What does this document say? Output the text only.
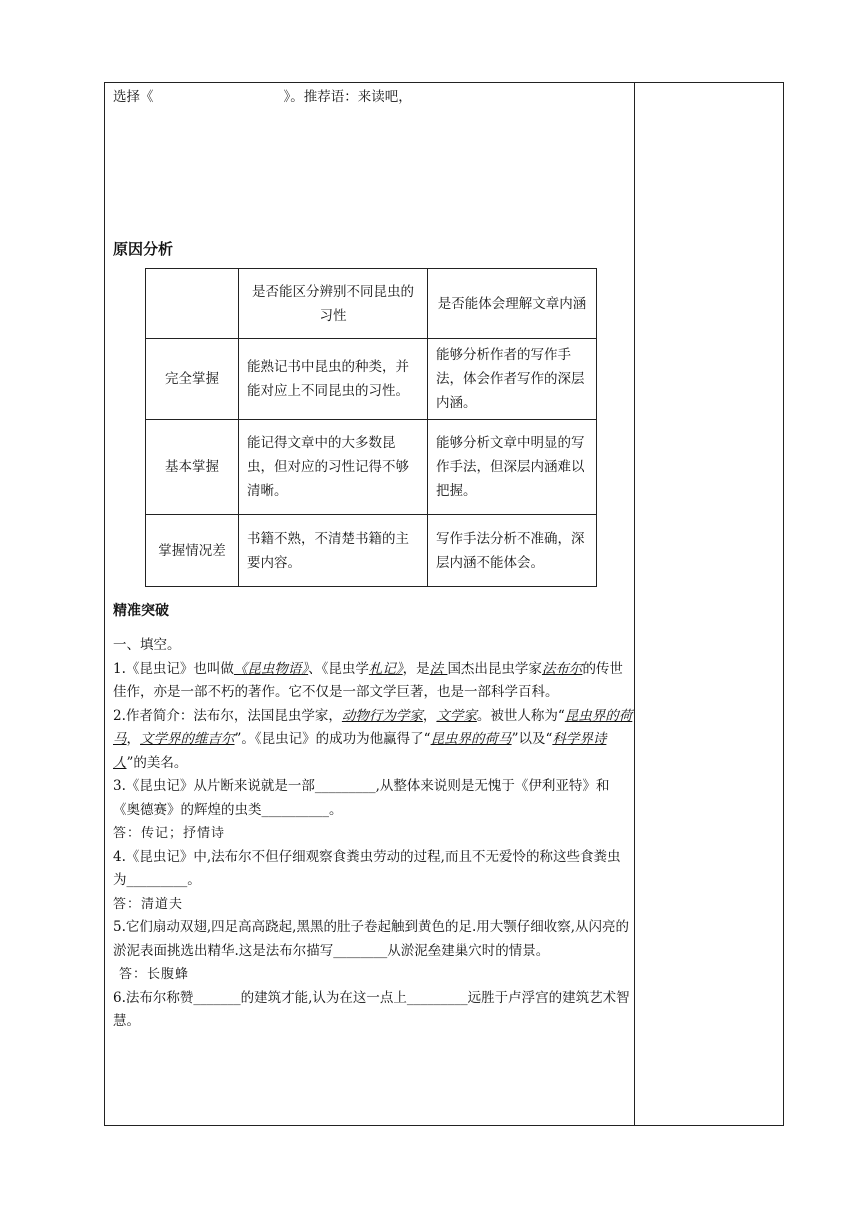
选择《	》。推荐语：来读吧，

原因分析
	是否能区分辨别不同昆虫的习性	是否能体会理解文章内涵
完全掌握	能熟记书中昆虫的种类，并能对应上不同昆虫的习性。	能够分析作者的写作手法，体会作者写作的深层内涵。
基本掌握	能记得文章中的大多数昆虫，但对应的习性记得不够清晰。	能够分析文章中明显的写作手法，但深层内涵难以把握。
掌握情况差	书籍不熟，不清楚书籍的主要内容。	写作手法分析不准确，深层内涵不能体会。
精准突破

一、填空。

1.《昆虫记》也叫做《昆虫物语》、《昆虫学札记》，是法 国杰出昆虫学家法布尔的传世佳作，亦是一部不朽的著作。它不仅是一部文学巨著，也是一部科学百科。

2.作者简介：法布尔，法国昆虫学家，动物行为学家，文学家。被世人称为“昆虫界的荷马，文学界的维吉尔”。《昆虫记》的成功为他赢得了“昆虫界的荷马”以及“科学界诗人”的美名。

3.《昆虫记》从片断来说就是一部_________,从整体来说则是无愧于《伊利亚特》和《奥德赛》的辉煌的虫类__________。

答：传记；抒情诗

4.《昆虫记》中,法布尔不但仔细观察食粪虫劳动的过程,而且不无爱怜的称这些食粪虫为_________。

答：清道夫

5.它们扇动双翅,四足高高跷起,黑黑的肚子卷起触到黄色的足.用大颚仔细收察,从闪亮的淤泥表面挑选出精华.这是法布尔描写________从淤泥垒建巢穴时的情景。

答：长腹蜂

6.法布尔称赞_______的建筑才能,认为在这一点上_________远胜于卢浮宫的建筑艺术智慧。
